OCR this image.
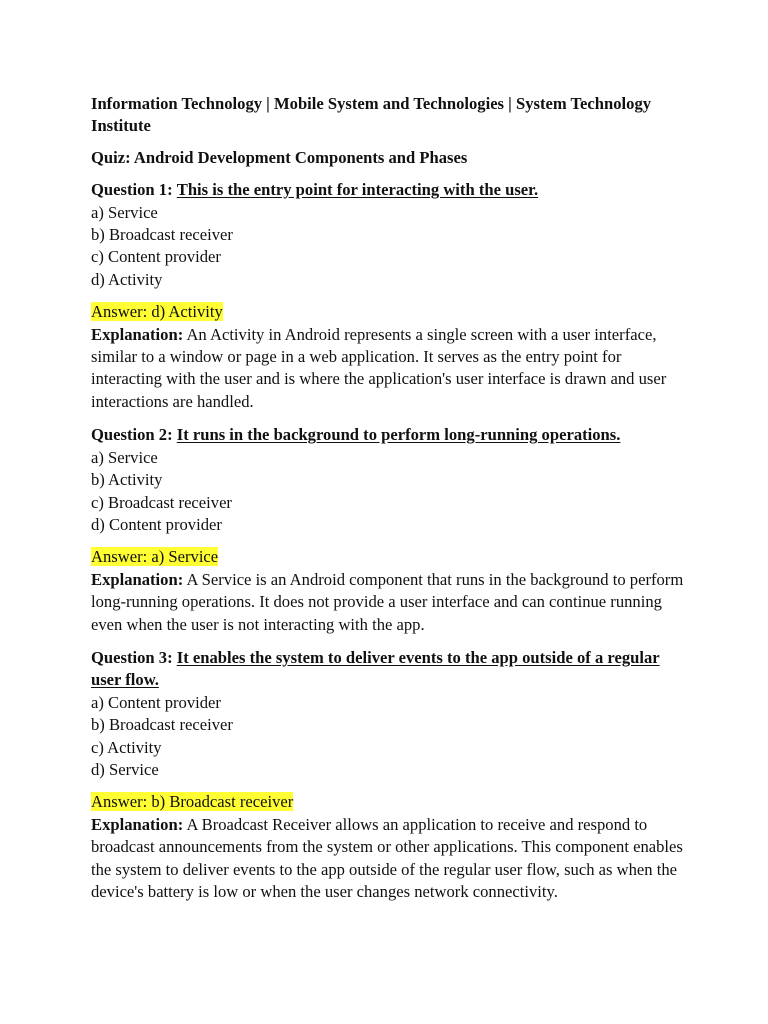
Information Technology | Mobile System and Technologies | System Technology Institute

Quiz: Android Development Components and Phases

Question 1: This is the entry point for interacting with the user.

a) Service
b) Broadcast receiver
c) Content provider
d) Activity

Answer: d) Activity

Explanation: An Activity in Android represents a single screen with a user interface, similar to a window or page in a web application. It serves as the entry point for interacting with the user and is where the application's user interface is drawn and user interactions are handled.

Question 2: It runs in the background to perform long-running operations.

a) Service
b) Activity
c) Broadcast receiver
d) Content provider

Answer: a) Service

Explanation: A Service is an Android component that runs in the background to perform long-running operations. It does not provide a user interface and can continue running even when the user is not interacting with the app.

Question 3: It enables the system to deliver events to the app outside of a regular user flow.

a) Content provider
b) Broadcast receiver
c) Activity
d) Service

Answer: b) Broadcast receiver

Explanation: A Broadcast Receiver allows an application to receive and respond to broadcast announcements from the system or other applications. This component enables the system to deliver events to the app outside of the regular user flow, such as when the device's battery is low or when the user changes network connectivity.
